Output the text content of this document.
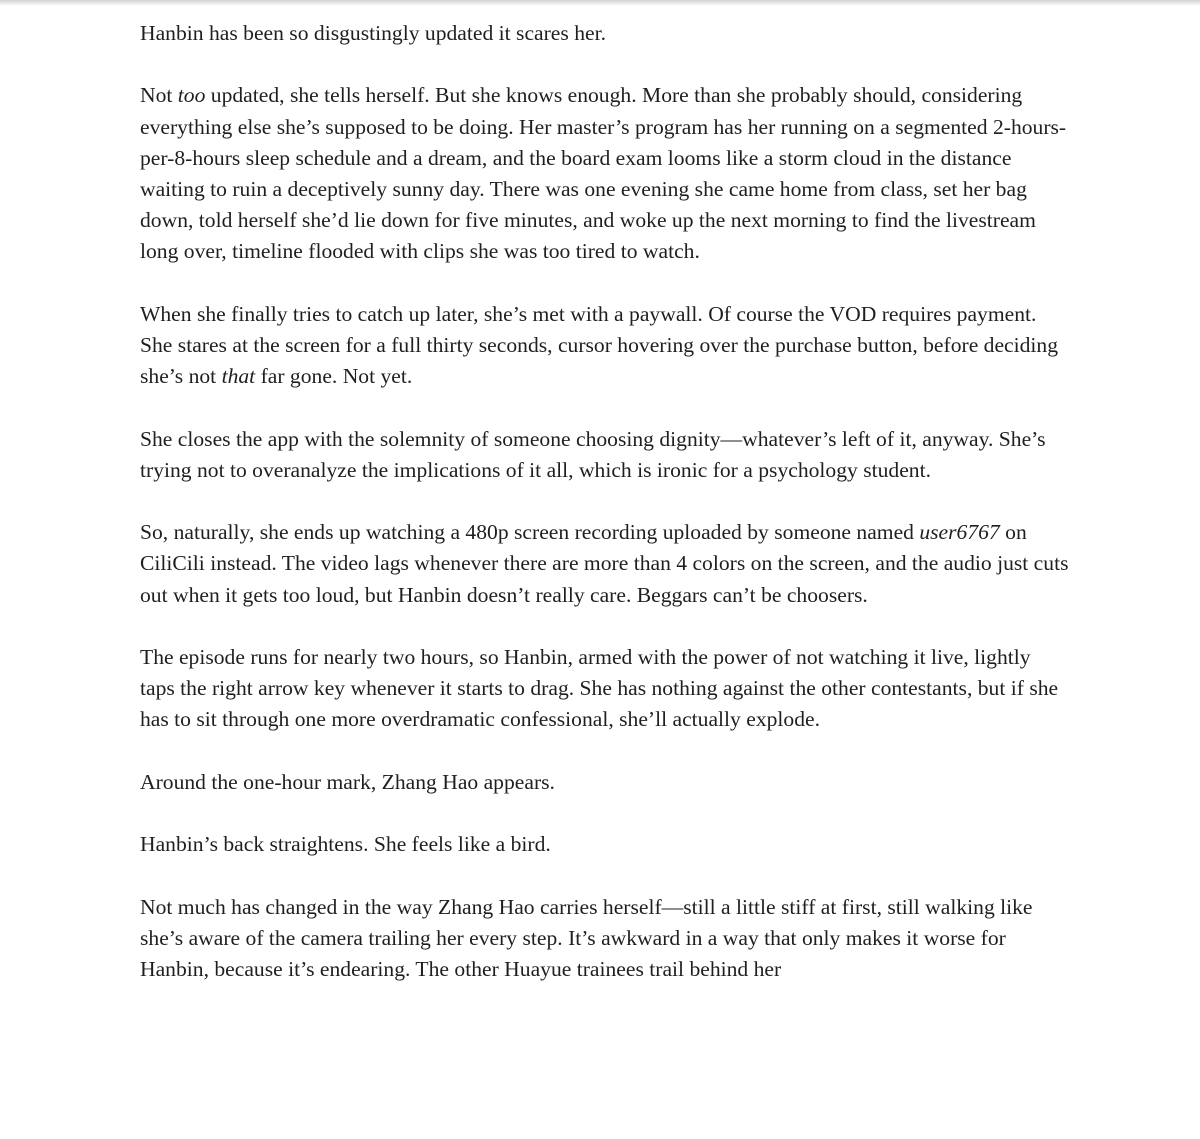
Hanbin has been so disgustingly updated it scares her.

Not too updated, she tells herself. But she knows enough. More than she probably should, considering everything else she’s supposed to be doing. Her master’s program has her running on a segmented 2-hours-per-8-hours sleep schedule and a dream, and the board exam looms like a storm cloud in the distance waiting to ruin a deceptively sunny day. There was one evening she came home from class, set her bag down, told herself she’d lie down for five minutes, and woke up the next morning to find the livestream long over, timeline flooded with clips she was too tired to watch.

When she finally tries to catch up later, she’s met with a paywall. Of course the VOD requires payment. She stares at the screen for a full thirty seconds, cursor hovering over the purchase button, before deciding she’s not that far gone. Not yet.

She closes the app with the solemnity of someone choosing dignity—whatever’s left of it, anyway. She’s trying not to overanalyze the implications of it all, which is ironic for a psychology student.

So, naturally, she ends up watching a 480p screen recording uploaded by someone named user6767 on CiliCili instead. The video lags whenever there are more than 4 colors on the screen, and the audio just cuts out when it gets too loud, but Hanbin doesn’t really care. Beggars can’t be choosers.

The episode runs for nearly two hours, so Hanbin, armed with the power of not watching it live, lightly taps the right arrow key whenever it starts to drag. She has nothing against the other contestants, but if she has to sit through one more overdramatic confessional, she’ll actually explode.

Around the one-hour mark, Zhang Hao appears.

Hanbin’s back straightens. She feels like a bird.

Not much has changed in the way Zhang Hao carries herself—still a little stiff at first, still walking like she’s aware of the camera trailing her every step. It’s awkward in a way that only makes it worse for Hanbin, because it’s endearing. The other Huayue trainees trail behind her
